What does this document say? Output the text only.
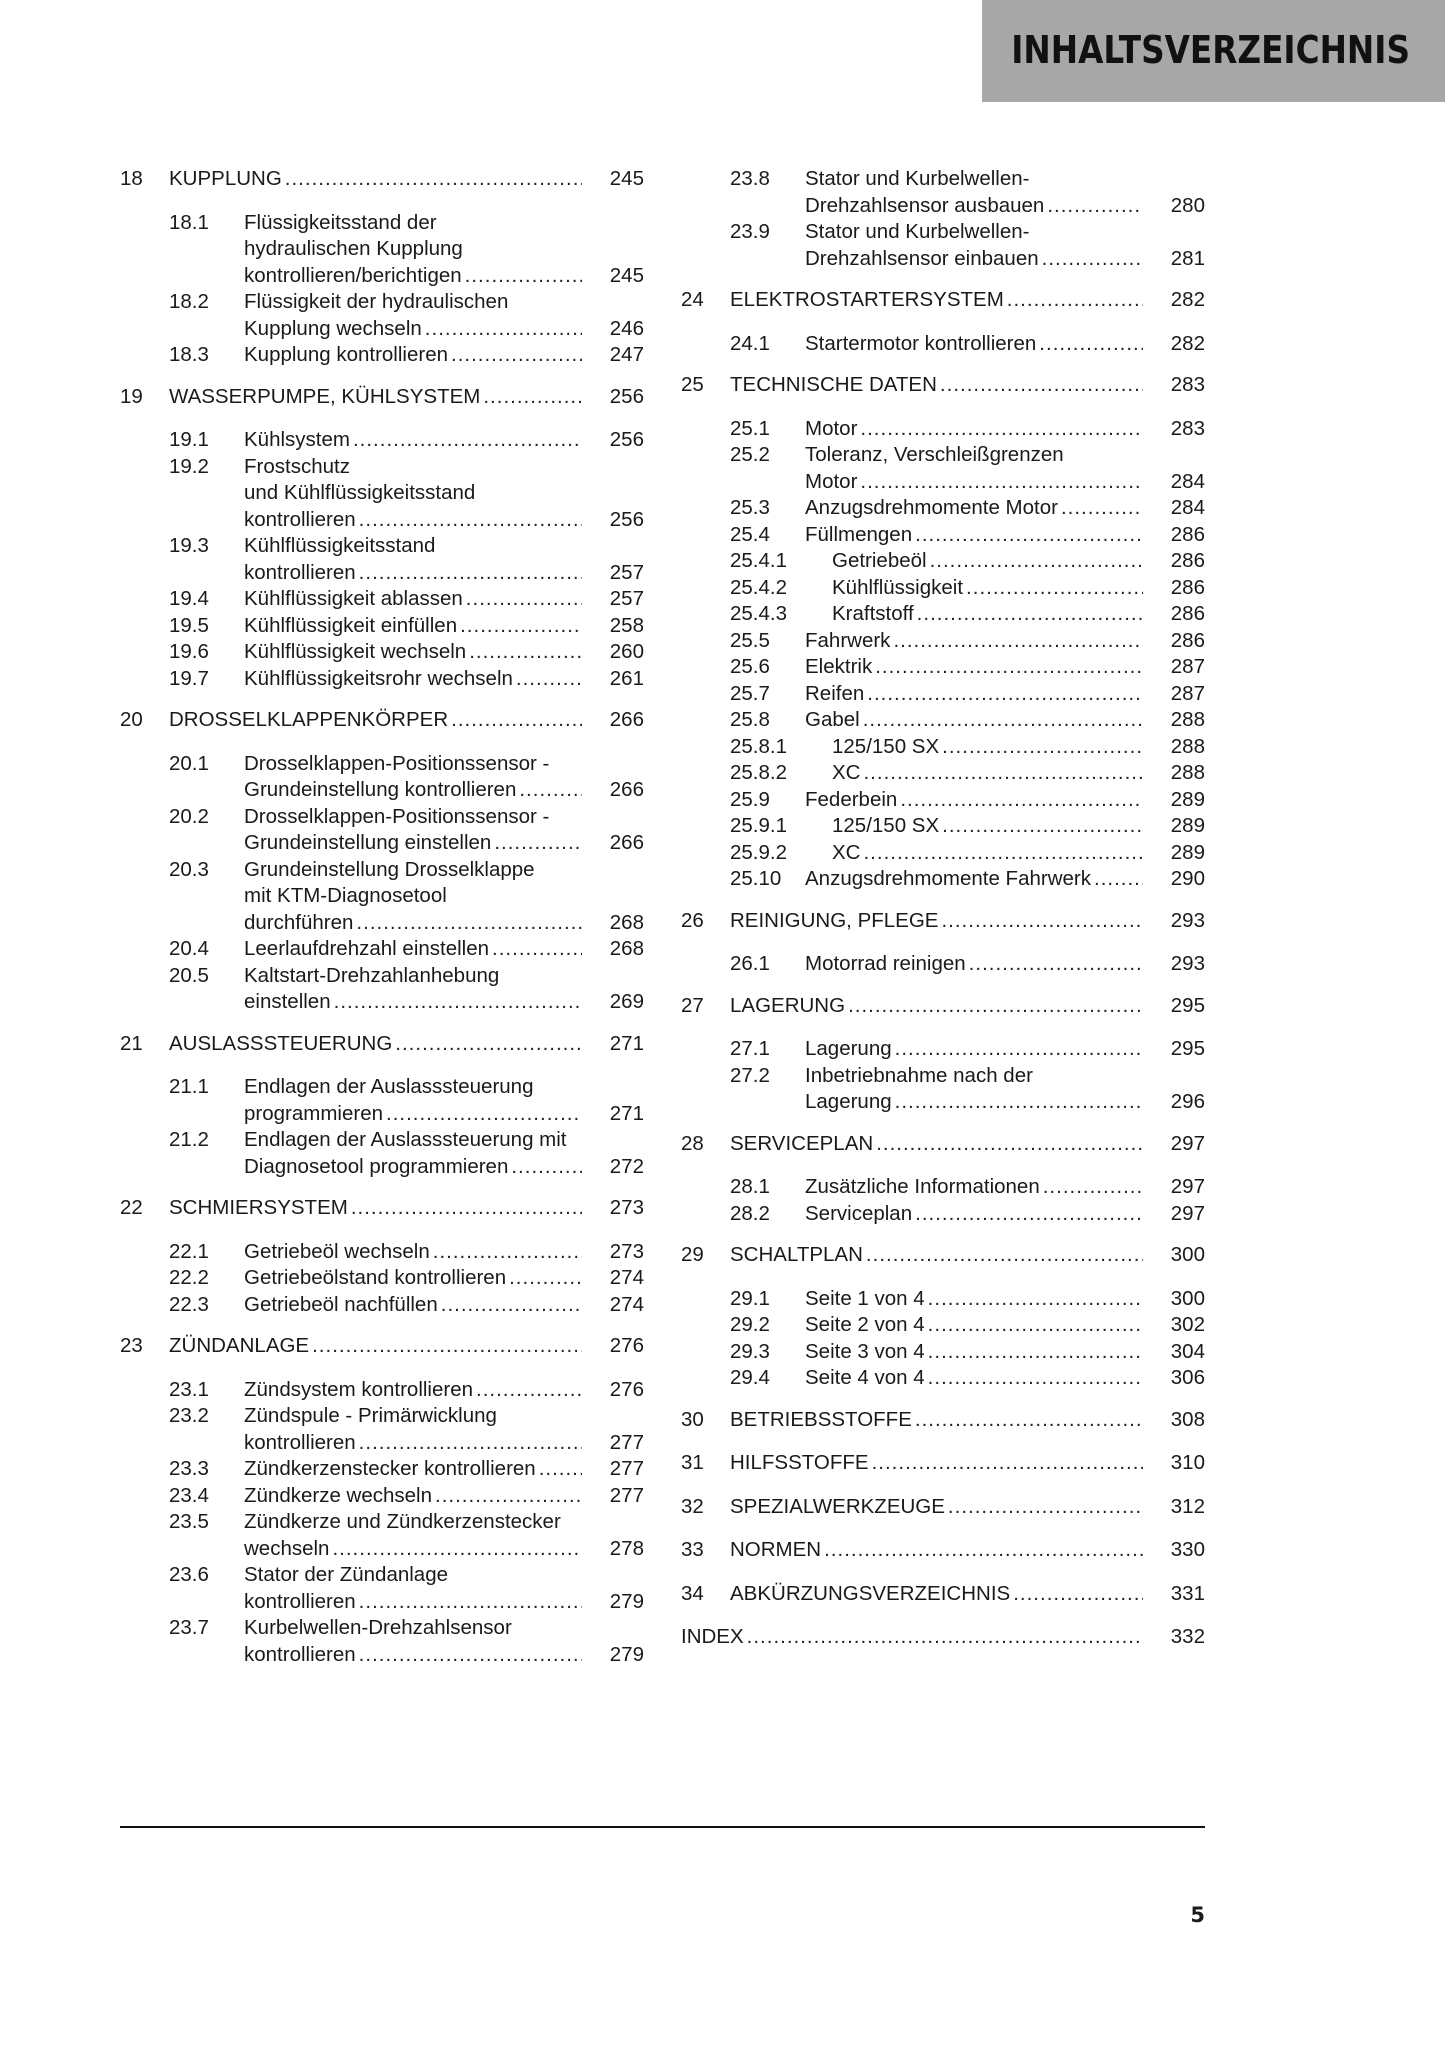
INHALTSVERZEICHNIS
18 KUPPLUNG .....	245
18.1 Flüssigkeitsstand der
hydraulischen Kupplung
kontrollieren/berichtigen .....	245
18.2 Flüssigkeit der hydraulischen
Kupplung wechseln .....	246
18.3 Kupplung kontrollieren .....	247
19 WASSERPUMPE, KÜHLSYSTEM .....	256
19.1 Kühlsystem .....	256
19.2 Frostschutz
und Kühlflüssigkeitsstand
kontrollieren .....	256
19.3 Kühlflüssigkeitsstand
kontrollieren .....	257
19.4 Kühlflüssigkeit ablassen .....	257
19.5 Kühlflüssigkeit einfüllen .....	258
19.6 Kühlflüssigkeit wechseln .....	260
19.7 Kühlflüssigkeitsrohr wechseln .....	261
20 DROSSELKLAPPENKÖRPER .....	266
20.1 Drosselklappen-Positionssensor -
Grundeinstellung kontrollieren .....	266
20.2 Drosselklappen-Positionssensor -
Grundeinstellung einstellen .....	266
20.3 Grundeinstellung Drosselklappe
mit KTM-Diagnosetool
durchführen .....	268
20.4 Leerlaufdrehzahl einstellen .....	268
20.5 Kaltstart-Drehzahlanhebung
einstellen .....	269
21 AUSLASSSTEUERUNG .....	271
21.1 Endlagen der Auslasssteuerung
programmieren .....	271
21.2 Endlagen der Auslasssteuerung mit
Diagnosetool programmieren .....	272
22 SCHMIERSYSTEM .....	273
22.1 Getriebeöl wechseln .....	273
22.2 Getriebeölstand kontrollieren .....	274
22.3 Getriebeöl nachfüllen .....	274
23 ZÜNDANLAGE .....	276
23.1 Zündsystem kontrollieren .....	276
23.2 Zündspule - Primärwicklung
kontrollieren .....	277
23.3 Zündkerzenstecker kontrollieren .....	277
23.4 Zündkerze wechseln .....	277
23.5 Zündkerze und Zündkerzenstecker
wechseln .....	278
23.6 Stator der Zündanlage
kontrollieren .....	279
23.7 Kurbelwellen-Drehzahlsensor
kontrollieren .....	279
23.8 Stator und Kurbelwellen-
Drehzahlsensor ausbauen .....	280
23.9 Stator und Kurbelwellen-
Drehzahlsensor einbauen .....	281
24 ELEKTROSTARTERSYSTEM .....	282
24.1 Startermotor kontrollieren .....	282
25 TECHNISCHE DATEN .....	283
25.1 Motor .....	283
25.2 Toleranz, Verschleißgrenzen
Motor .....	284
25.3 Anzugsdrehmomente Motor .....	284
25.4 Füllmengen .....	286
25.4.1 Getriebeöl .....	286
25.4.2 Kühlflüssigkeit .....	286
25.4.3 Kraftstoff .....	286
25.5 Fahrwerk .....	286
25.6 Elektrik .....	287
25.7 Reifen .....	287
25.8 Gabel .....	288
25.8.1 125/150 SX .....	288
25.8.2 XC .....	288
25.9 Federbein .....	289
25.9.1 125/150 SX .....	289
25.9.2 XC .....	289
25.10 Anzugsdrehmomente Fahrwerk .....	290
26 REINIGUNG, PFLEGE .....	293
26.1 Motorrad reinigen .....	293
27 LAGERUNG .....	295
27.1 Lagerung .....	295
27.2 Inbetriebnahme nach der
Lagerung .....	296
28 SERVICEPLAN .....	297
28.1 Zusätzliche Informationen .....	297
28.2 Serviceplan .....	297
29 SCHALTPLAN .....	300
29.1 Seite 1 von 4 .....	300
29.2 Seite 2 von 4 .....	302
29.3 Seite 3 von 4 .....	304
29.4 Seite 4 von 4 .....	306
30 BETRIEBSSTOFFE .....	308
31 HILFSSTOFFE .....	310
32 SPEZIALWERKZEUGE .....	312
33 NORMEN .....	330
34 ABKÜRZUNGSVERZEICHNIS .....	331
INDEX .....	332
5
